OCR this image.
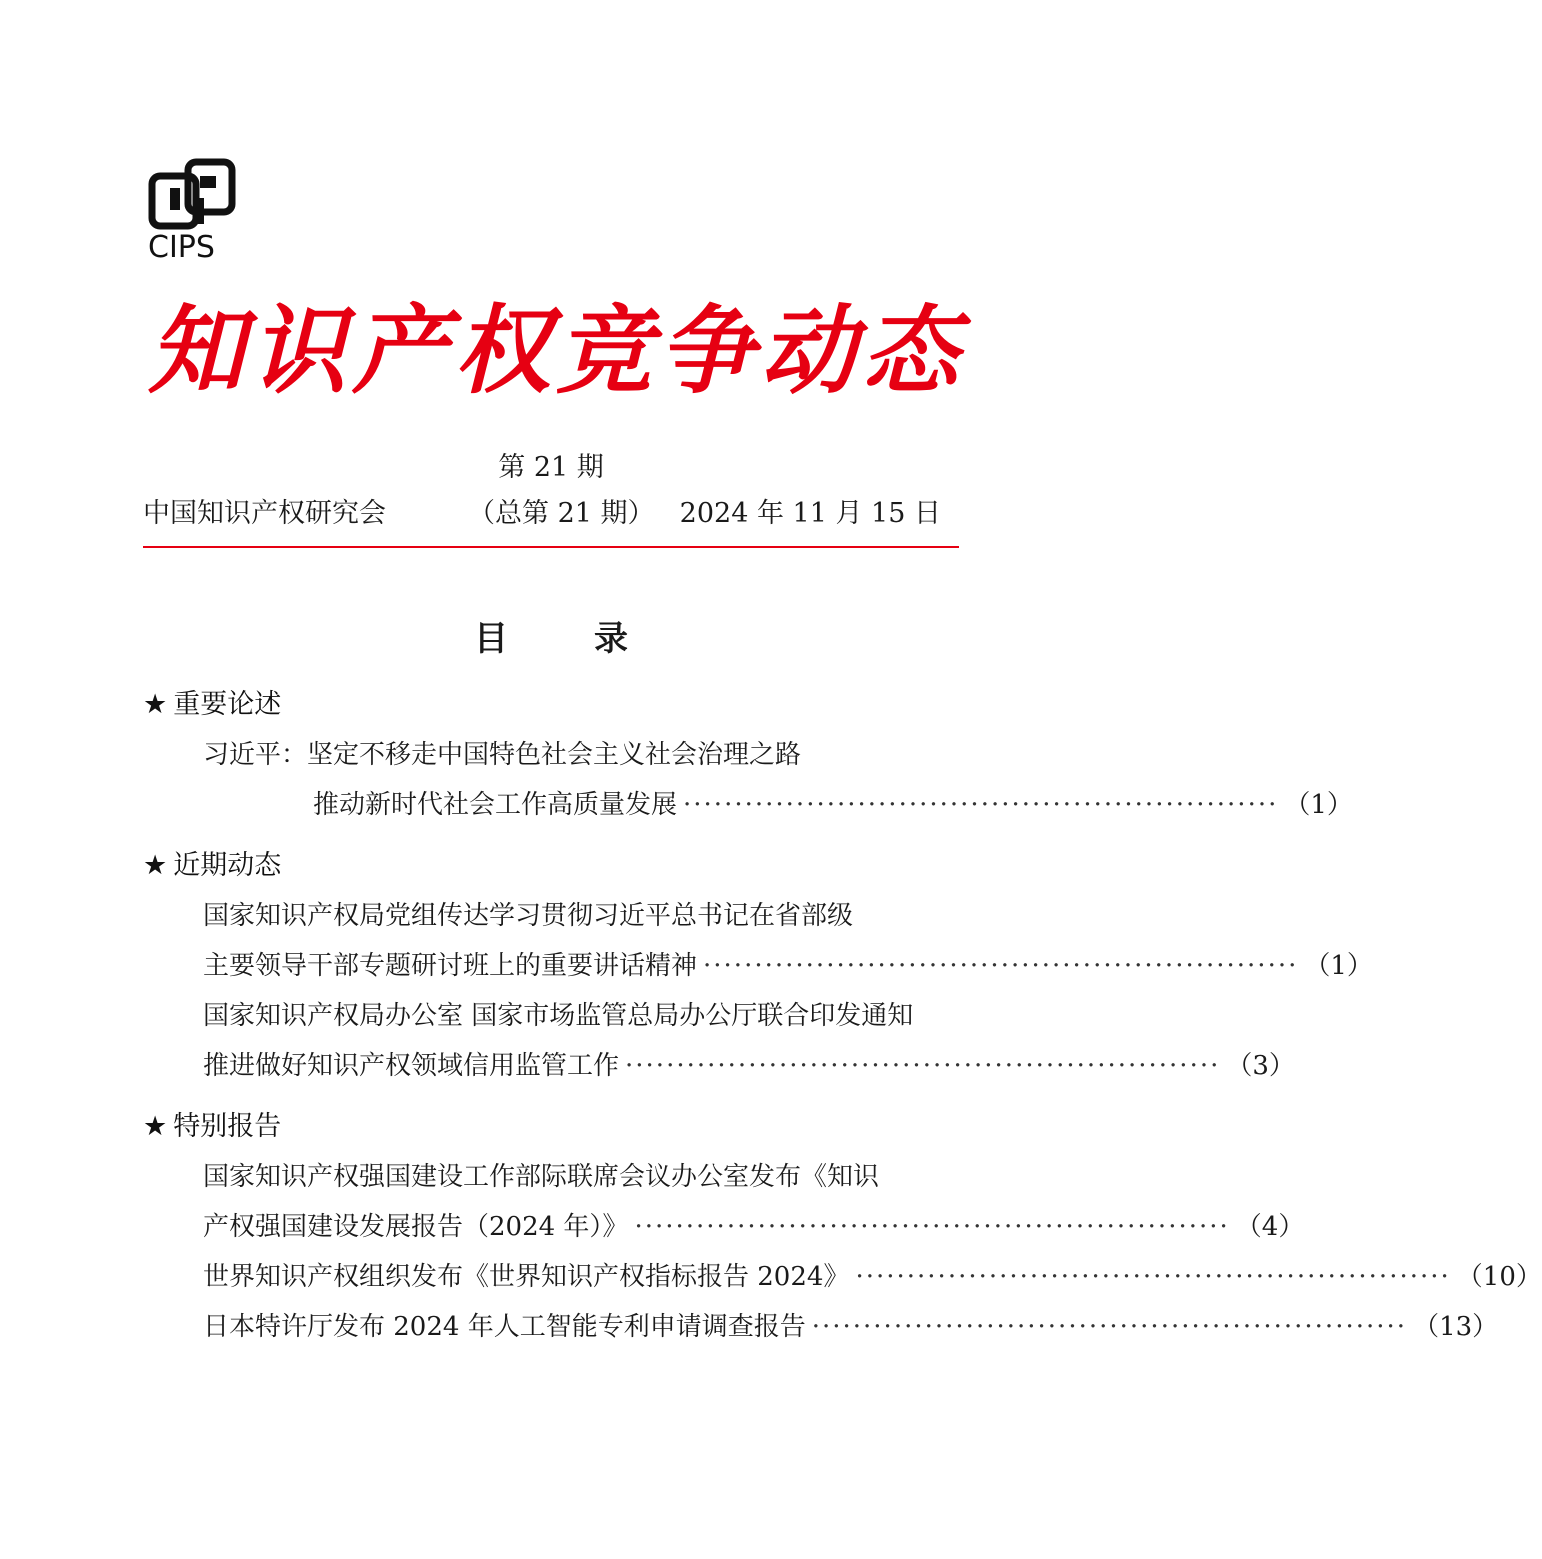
CIPS
知识产权竞争动态
第 21 期
中国知识产权研究会	（总第 21 期） 2024 年 11 月 15 日
目	录
★ 重要论述
习近平：坚定不移走中国特色社会主义社会治理之路
推动新时代社会工作高质量发展 ·························································· （1）
★ 近期动态
国家知识产权局党组传达学习贯彻习近平总书记在省部级
主要领导干部专题研讨班上的重要讲话精神 ·························································· （1）
国家知识产权局办公室 国家市场监管总局办公厅联合印发通知
推进做好知识产权领域信用监管工作 ·························································· （3）
★ 特别报告
国家知识产权强国建设工作部际联席会议办公室发布《知识
产权强国建设发展报告（2024 年）》 ·························································· （4）
世界知识产权组织发布《世界知识产权指标报告 2024》 ·························································· （10）
日本特许厅发布 2024 年人工智能专利申请调查报告 ·························································· （13）
